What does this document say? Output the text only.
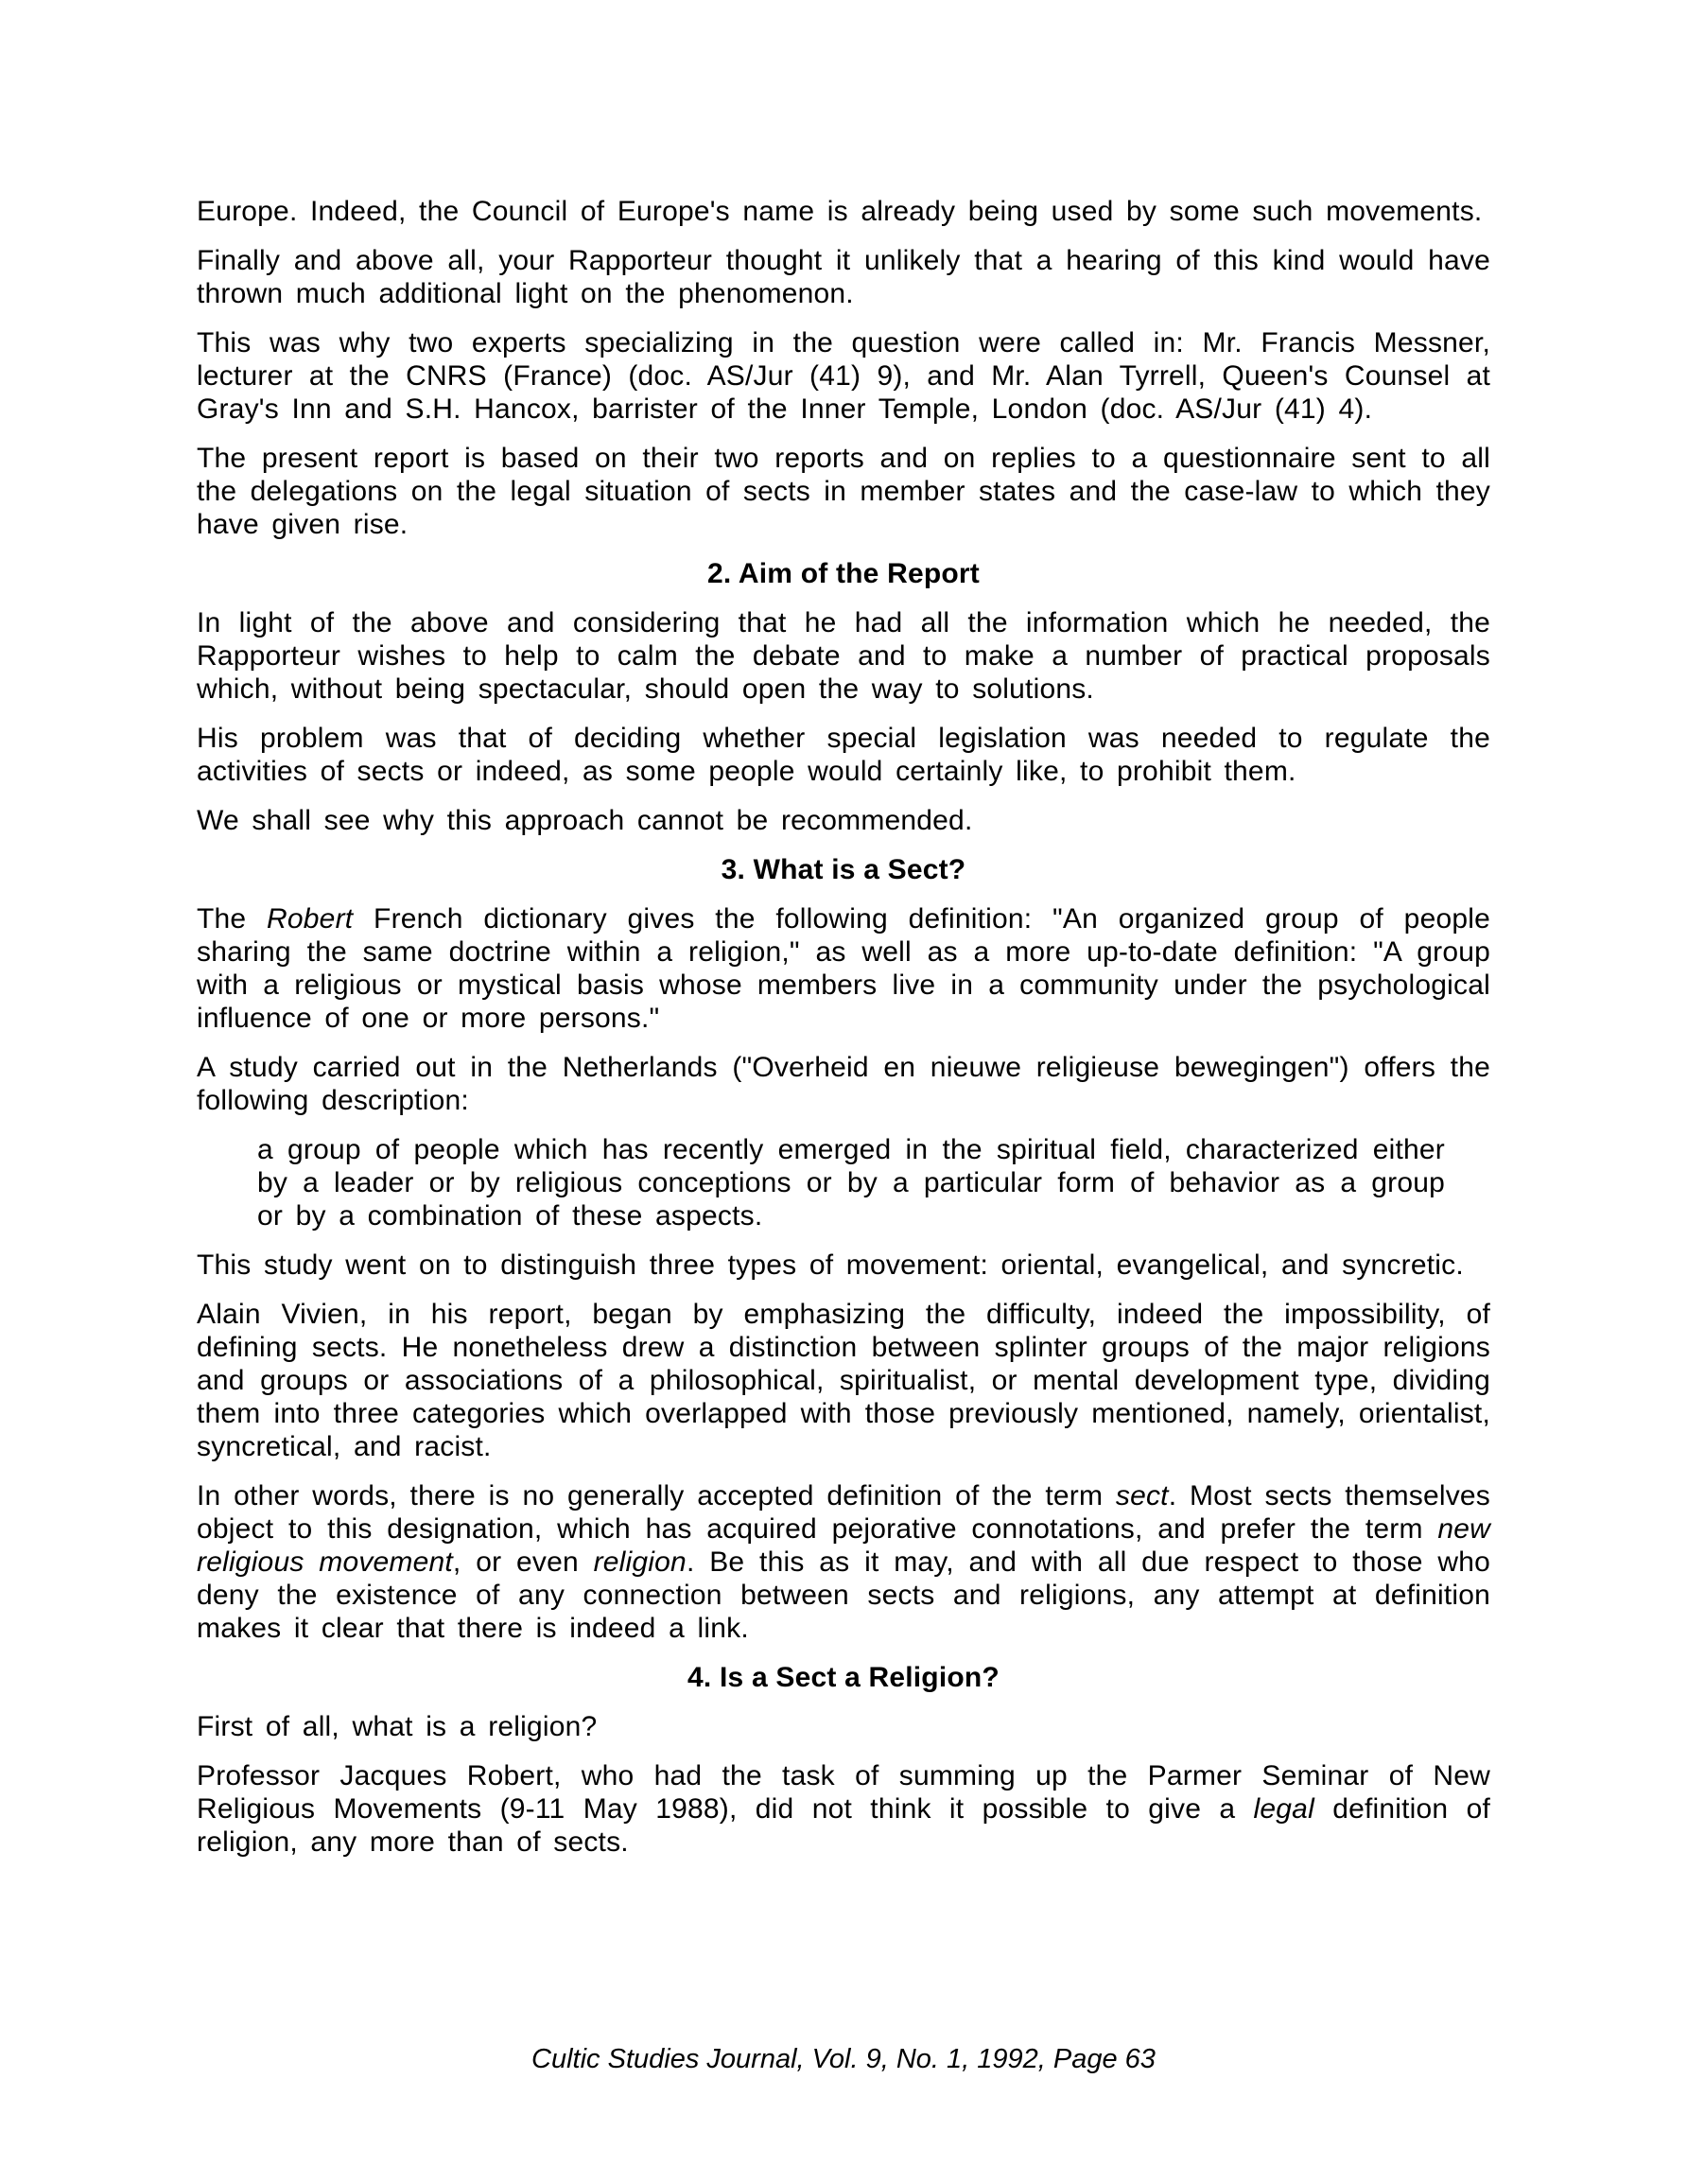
Europe. Indeed, the Council of Europe's name is already being used by some such movements.

Finally and above all, your Rapporteur thought it unlikely that a hearing of this kind would have thrown much additional light on the phenomenon.

This was why two experts specializing in the question were called in: Mr. Francis Messner, lecturer at the CNRS (France) (doc. AS/Jur (41) 9), and Mr. Alan Tyrrell, Queen's Counsel at Gray's Inn and S.H. Hancox, barrister of the Inner Temple, London (doc. AS/Jur (41) 4).

The present report is based on their two reports and on replies to a questionnaire sent to all the delegations on the legal situation of sects in member states and the case-law to which they have given rise.

2. Aim of the Report

In light of the above and considering that he had all the information which he needed, the Rapporteur wishes to help to calm the debate and to make a number of practical proposals which, without being spectacular, should open the way to solutions.

His problem was that of deciding whether special legislation was needed to regulate the activities of sects or indeed, as some people would certainly like, to prohibit them.

We shall see why this approach cannot be recommended.

3. What is a Sect?

The Robert French dictionary gives the following definition: "An organized group of people sharing the same doctrine within a religion," as well as a more up-to-date definition: "A group with a religious or mystical basis whose members live in a community under the psychological influence of one or more persons."

A study carried out in the Netherlands ("Overheid en nieuwe religieuse bewegingen") offers the following description:

a group of people which has recently emerged in the spiritual field, characterized either by a leader or by religious conceptions or by a particular form of behavior as a group or by a combination of these aspects.

This study went on to distinguish three types of movement: oriental, evangelical, and syncretic.

Alain Vivien, in his report, began by emphasizing the difficulty, indeed the impossibility, of defining sects. He nonetheless drew a distinction between splinter groups of the major religions and groups or associations of a philosophical, spiritualist, or mental development type, dividing them into three categories which overlapped with those previously mentioned, namely, orientalist, syncretical, and racist.

In other words, there is no generally accepted definition of the term sect. Most sects themselves object to this designation, which has acquired pejorative connotations, and prefer the term new religious movement, or even religion. Be this as it may, and with all due respect to those who deny the existence of any connection between sects and religions, any attempt at definition makes it clear that there is indeed a link.

4. Is a Sect a Religion?

First of all, what is a religion?

Professor Jacques Robert, who had the task of summing up the Parmer Seminar of New Religious Movements (9-11 May 1988), did not think it possible to give a legal definition of religion, any more than of sects.

Cultic Studies Journal, Vol. 9, No. 1, 1992, Page 63
